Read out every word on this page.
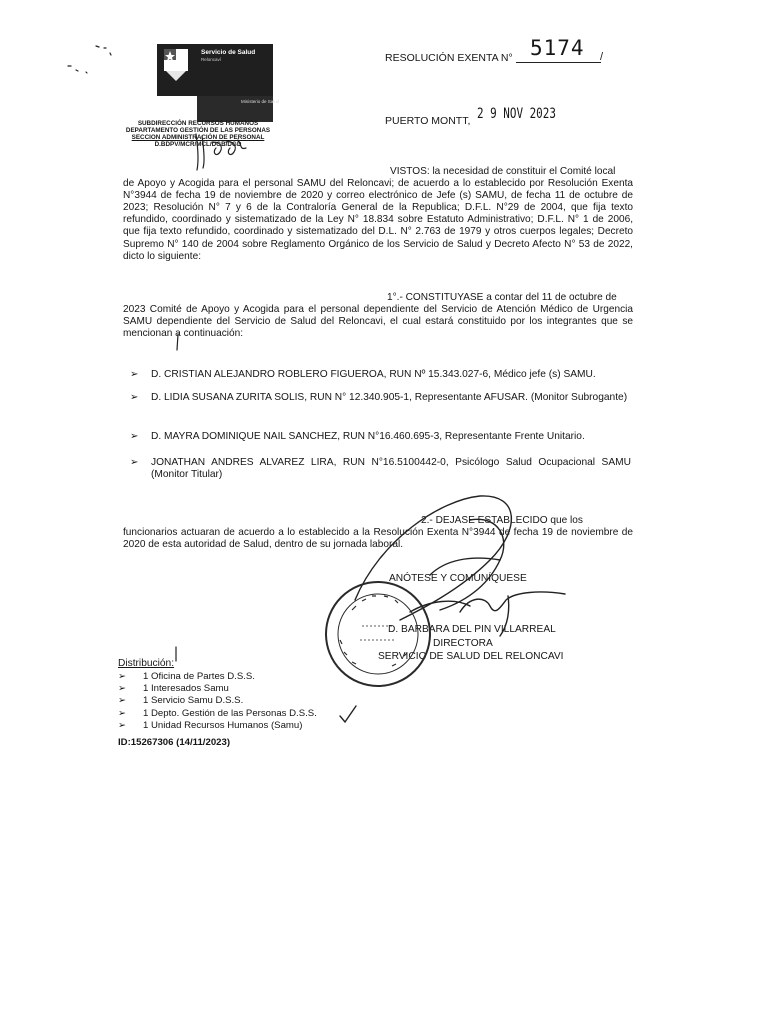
Servicio de Salud
Reloncaví
Ministerio de Salud
SUBDIRECCIÓN RECURSOS HUMANOS
DEPARTAMENTO GESTIÓN DE LAS PERSONAS
SECCION ADMINISTRACIÓN DE PERSONAL
D.BDPV/MCR/MCL/DGB/DGD
RESOLUCIÓN EXENTA N° 5174 /
PUERTO MONTT, 2 9 NOV 2023
VISTOS: la necesidad de constituir el Comité local
de Apoyo y Acogida para el personal SAMU del Reloncavi; de acuerdo a lo establecido por Resolución Exenta N°3944 de fecha 19 de noviembre de 2020 y correo electrónico de Jefe (s) SAMU, de fecha 11 de octubre de 2023; Resolución N° 7 y 6 de la Contraloría General de la Republica; D.F.L. N°29 de 2004, que fija texto refundido, coordinado y sistematizado de la Ley N° 18.834 sobre Estatuto Administrativo; D.F.L. N° 1 de 2006, que fija texto refundido, coordinado y sistematizado del D.L. N° 2.763 de 1979 y otros cuerpos legales; Decreto Supremo N° 140 de 2004 sobre Reglamento Orgánico de los Servicio de Salud y Decreto Afecto N° 53 de 2022, dicto lo siguiente:
1°.- CONSTITUYASE a contar del 11 de octubre de
2023 Comité de Apoyo y Acogida para el personal dependiente del Servicio de Atención Médico de Urgencia SAMU dependiente del Servicio de Salud del Reloncavi, el cual estará constituido por los integrantes que se mencionan a continuación:
➢ D. CRISTIAN ALEJANDRO ROBLERO FIGUEROA, RUN Nº 15.343.027-6, Médico jefe (s) SAMU.
➢ D. LIDIA SUSANA ZURITA SOLIS, RUN N° 12.340.905-1, Representante AFUSAR. (Monitor Subrogante)
➢ D. MAYRA DOMINIQUE NAIL SANCHEZ, RUN N°16.460.695-3, Representante Frente Unitario.
➢ JONATHAN ANDRES ALVAREZ LIRA, RUN N°16.5100442-0, Psicólogo Salud Ocupacional SAMU (Monitor Titular)
2.- DEJASE ESTABLECIDO que los
funcionarios actuaran de acuerdo a lo establecido a la Resolución Exenta N°3944 de fecha 19 de noviembre de 2020 de esta autoridad de Salud, dentro de su jornada laboral.
ANÓTESE Y COMUNÍQUESE
D. BARBARA DEL PIN VILLARREAL
DIRECTORA
SERVICIO DE SALUD DEL RELONCAVI
Distribución:
➢ 1 Oficina de Partes D.S.S.
➢ 1 Interesados Samu
➢ 1 Servicio Samu D.S.S.
➢ 1 Depto. Gestión de las Personas D.S.S.
➢ 1 Unidad Recursos Humanos (Samu)
ID:15267306 (14/11/2023)
